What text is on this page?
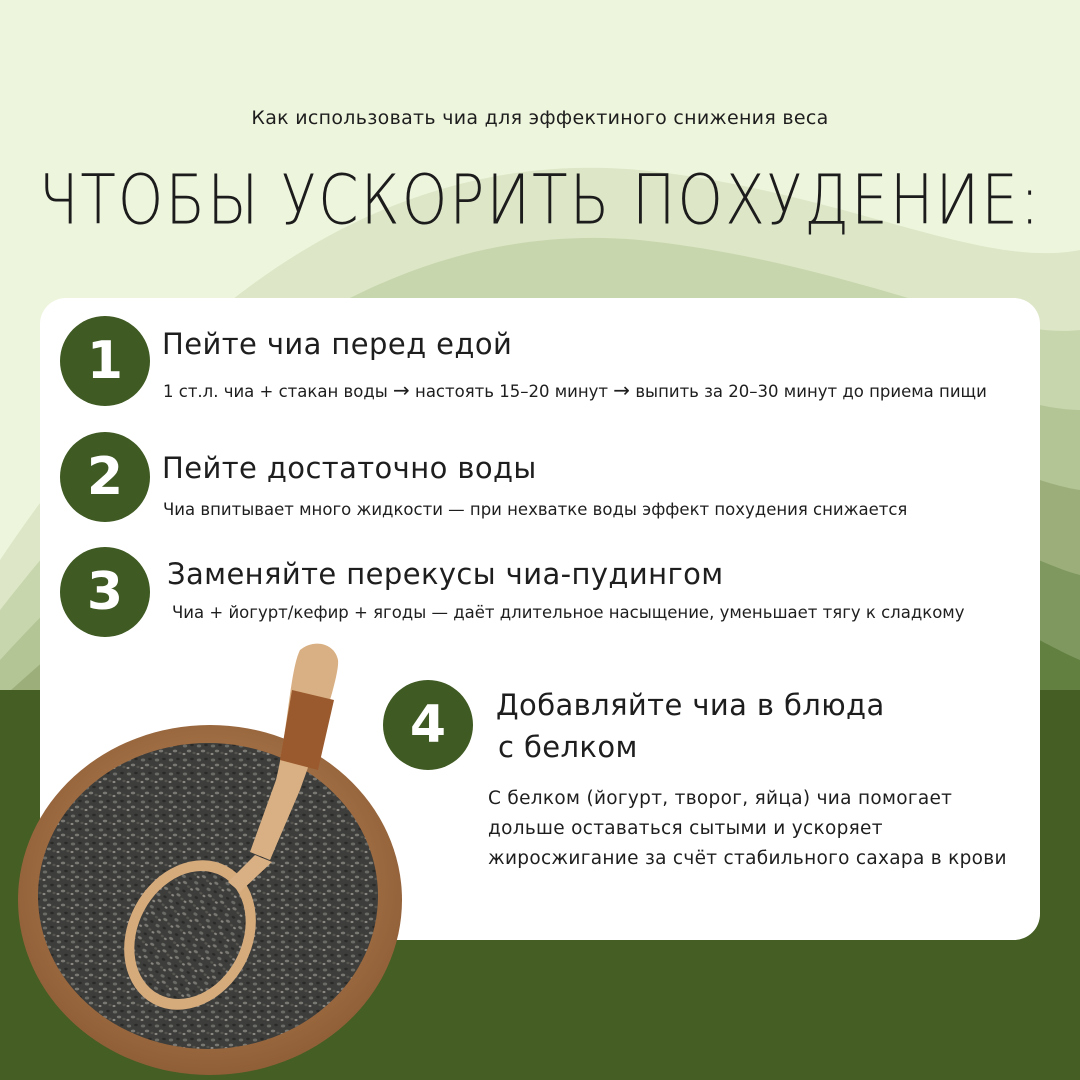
Как использовать чиа для эффектиного снижения веса
ЧТОБЫ УСКОРИТЬ ПОХУДЕНИЕ:
1	Пейте чиа перед едой
1 ст.л. чиа + стакан воды → настоять 15–20 минут → выпить за 20–30 минут до приема пищи
2	Пейте достаточно воды
Чиа впитывает много жидкости — при нехватке воды эффект похудения снижается
3	Заменяйте перекусы чиа-пудингом
Чиа + йогурт/кефир + ягоды — даёт длительное насыщение, уменьшает тягу к сладкому
4	Добавляйте чиа в блюда
с белком
С белком (йогурт, творог, яйца) чиа помогает
дольше оставаться сытыми и ускоряет
жиросжигание за счёт стабильного сахара в крови
